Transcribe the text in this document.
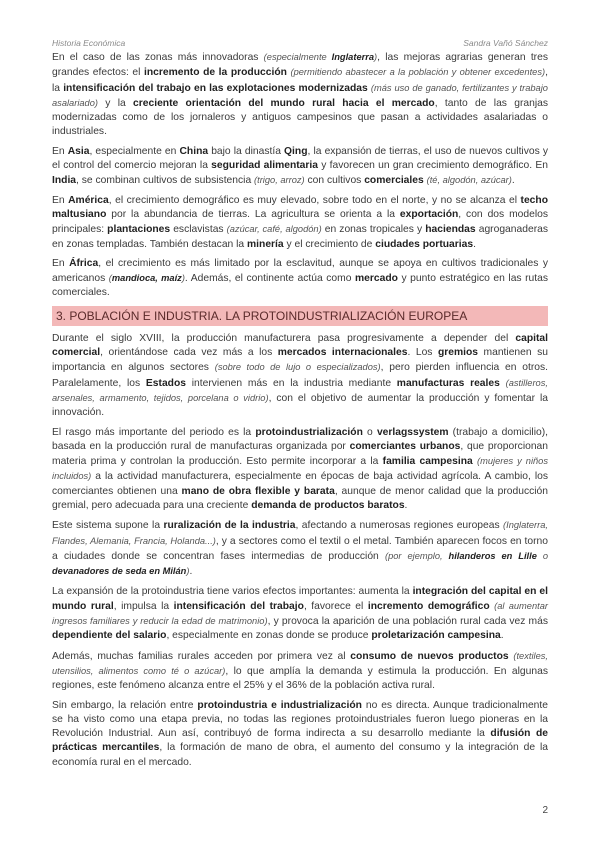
Historia Económica	Sandra Vañó Sánchez

En el caso de las zonas más innovadoras (especialmente Inglaterra), las mejoras agrarias generan tres grandes efectos: el incremento de la producción (permitiendo abastecer a la población y obtener excedentes), la intensificación del trabajo en las explotaciones modernizadas (más uso de ganado, fertilizantes y trabajo asalariado) y la creciente orientación del mundo rural hacia el mercado, tanto de las granjas modernizadas como de los jornaleros y antiguos campesinos que pasan a actividades asalariadas o industriales.

En Asia, especialmente en China bajo la dinastía Qing, la expansión de tierras, el uso de nuevos cultivos y el control del comercio mejoran la seguridad alimentaria y favorecen un gran crecimiento demográfico. En India, se combinan cultivos de subsistencia (trigo, arroz) con cultivos comerciales (té, algodón, azúcar).

En América, el crecimiento demográfico es muy elevado, sobre todo en el norte, y no se alcanza el techo maltusiano por la abundancia de tierras. La agricultura se orienta a la exportación, con dos modelos principales: plantaciones esclavistas (azúcar, café, algodón) en zonas tropicales y haciendas agroganaderas en zonas templadas. También destacan la minería y el crecimiento de ciudades portuarias.

En África, el crecimiento es más limitado por la esclavitud, aunque se apoya en cultivos tradicionales y americanos (mandioca, maíz). Además, el continente actúa como mercado y punto estratégico en las rutas comerciales.

3. POBLACIÓN E INDUSTRIA. LA PROTOINDUSTRIALIZACIÓN EUROPEA

Durante el siglo XVIII, la producción manufacturera pasa progresivamente a depender del capital comercial, orientándose cada vez más a los mercados internacionales. Los gremios mantienen su importancia en algunos sectores (sobre todo de lujo o especializados), pero pierden influencia en otros. Paralelamente, los Estados intervienen más en la industria mediante manufacturas reales (astilleros, arsenales, armamento, tejidos, porcelana o vidrio), con el objetivo de aumentar la producción y fomentar la innovación.

El rasgo más importante del periodo es la protoindustrialización o verlagssystem (trabajo a domicilio), basada en la producción rural de manufacturas organizada por comerciantes urbanos, que proporcionan materia prima y controlan la producción. Esto permite incorporar a la familia campesina (mujeres y niños incluidos) a la actividad manufacturera, especialmente en épocas de baja actividad agrícola. A cambio, los comerciantes obtienen una mano de obra flexible y barata, aunque de menor calidad que la producción gremial, pero adecuada para una creciente demanda de productos baratos.

Este sistema supone la ruralización de la industria, afectando a numerosas regiones europeas (Inglaterra, Flandes, Alemania, Francia, Holanda...), y a sectores como el textil o el metal. También aparecen focos en torno a ciudades donde se concentran fases intermedias de producción (por ejemplo, hilanderos en Lille o devanadores de seda en Milán).

La expansión de la protoindustria tiene varios efectos importantes: aumenta la integración del capital en el mundo rural, impulsa la intensificación del trabajo, favorece el incremento demográfico (al aumentar ingresos familiares y reducir la edad de matrimonio), y provoca la aparición de una población rural cada vez más dependiente del salario, especialmente en zonas donde se produce proletarización campesina.

Además, muchas familias rurales acceden por primera vez al consumo de nuevos productos (textiles, utensilios, alimentos como té o azúcar), lo que amplía la demanda y estimula la producción. En algunas regiones, este fenómeno alcanza entre el 25% y el 36% de la población activa rural.

Sin embargo, la relación entre protoindustria e industrialización no es directa. Aunque tradicionalmente se ha visto como una etapa previa, no todas las regiones protoindustriales fueron luego pioneras en la Revolución Industrial. Aun así, contribuyó de forma indirecta a su desarrollo mediante la difusión de prácticas mercantiles, la formación de mano de obra, el aumento del consumo y la integración de la economía rural en el mercado.

2
